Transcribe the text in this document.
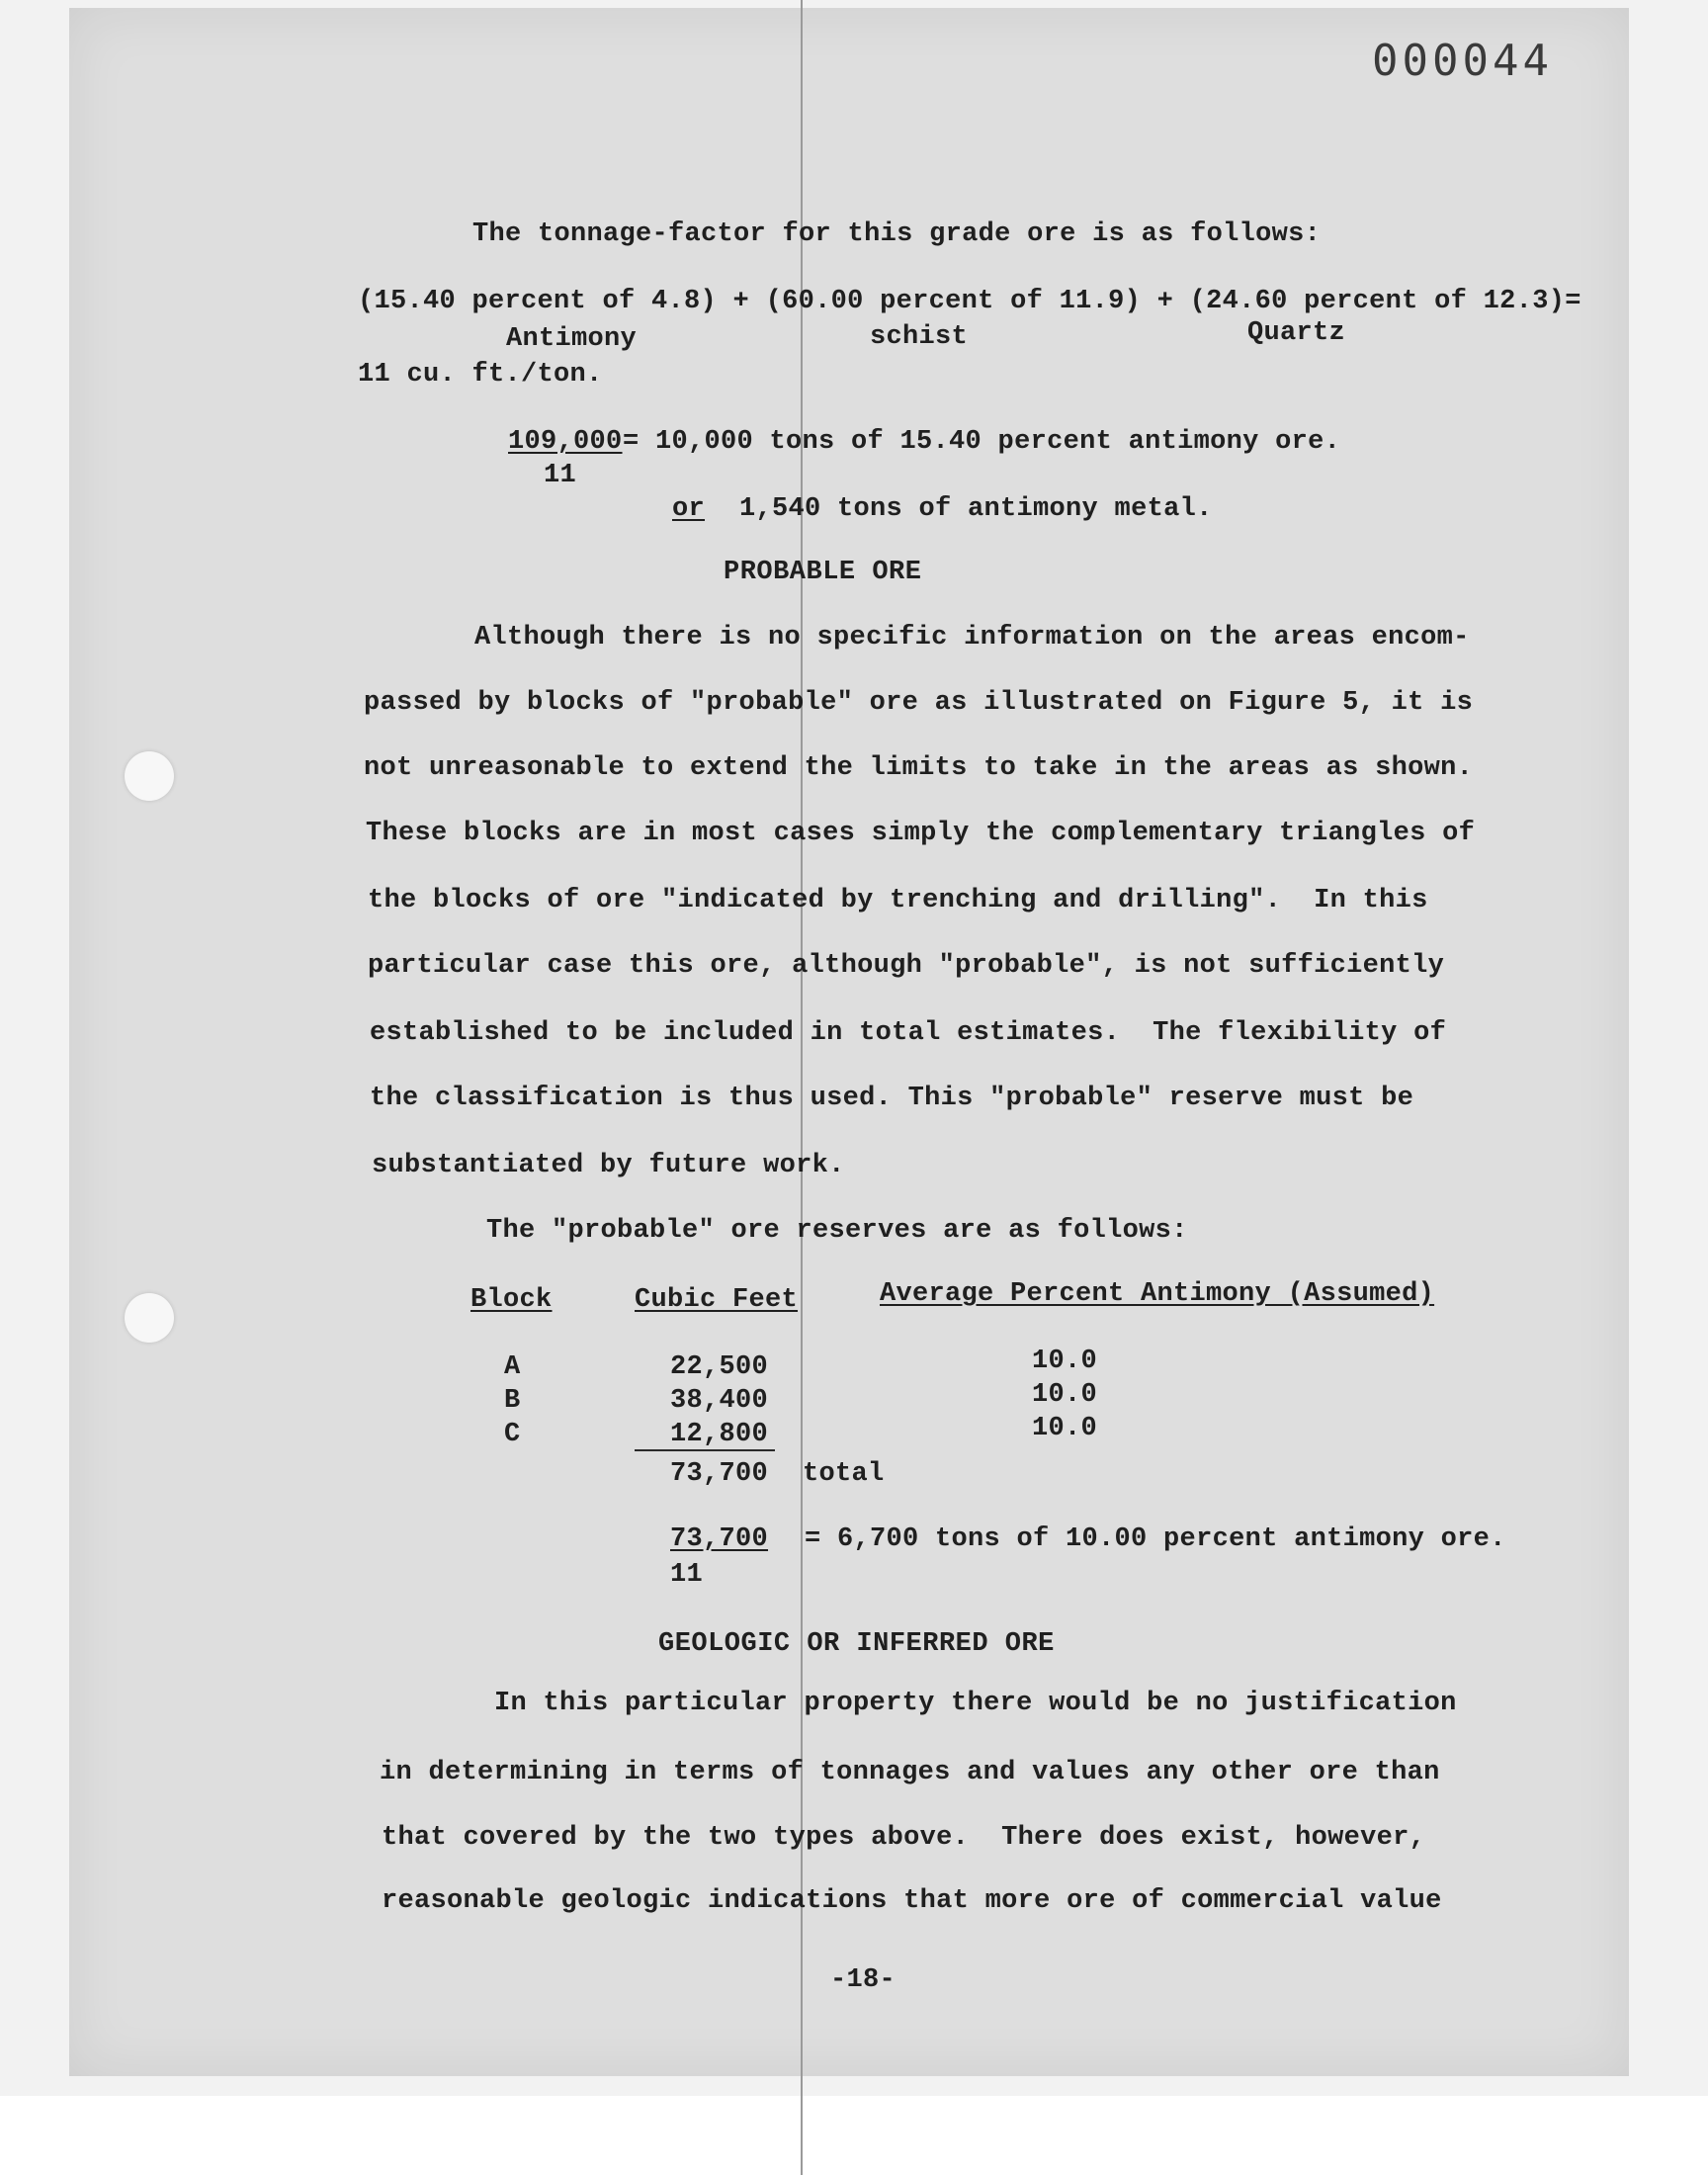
000044
The tonnage-factor for this grade ore is as follows:
(15.40 percent of 4.8) + (60.00 percent of 11.9) + (24.60 percent of 12.3)=
Antimony	schist	Quartz
11 cu. ft./ton.
109,000
11
= 10,000 tons of 15.40 percent antimony ore.
or 1,540 tons of antimony metal.
PROBABLE ORE
Although there is no specific information on the areas encom-
passed by blocks of "probable" ore as illustrated on Figure 5, it is
not unreasonable to extend the limits to take in the areas as shown.
These blocks are in most cases simply the complementary triangles of
the blocks of ore "indicated by trenching and drilling".  In this
particular case this ore, although "probable", is not sufficiently
established to be included in total estimates.  The flexibility of
the classification is thus used. This "probable" reserve must be
substantiated by future work.
The "probable" ore reserves are as follows:
Block	Cubic Feet	Average Percent Antimony (Assumed)
A	22,500	10.0
B	38,400	10.0
C	12,800	10.0
73,700 total
73,700
11
= 6,700 tons of 10.00 percent antimony ore.
GEOLOGIC OR INFERRED ORE
In this particular property there would be no justification
in determining in terms of tonnages and values any other ore than
that covered by the two types above.  There does exist, however,
reasonable geologic indications that more ore of commercial value
-18-
